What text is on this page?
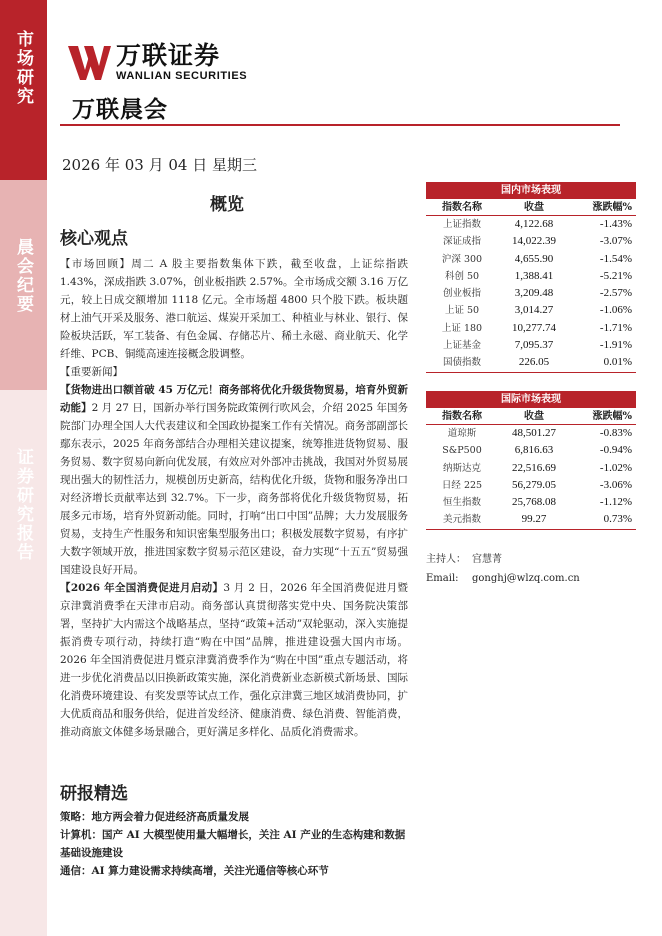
市场研究
晨会纪要
证券研究报告
万联证券
WANLIAN SECURITIES
万联晨会
2026 年 03 月 04 日 星期三
概览
核心观点

【市场回顾】周二 A 股主要指数集体下跌，截至收盘，上证综指跌 1.43%，深成指跌 3.07%，创业板指跌 2.57%。全市场成交额 3.16 万亿元，较上日成交额增加 1118 亿元。全市场超 4800 只个股下跌。板块题材上油气开采及服务、港口航运、煤炭开采加工、种植业与林业、银行、保险板块活跃，军工装备、有色金属、存储芯片、稀土永磁、商业航天、化学纤维、PCB、铜缆高速连接概念股调整。

【重要新闻】

【货物进出口额首破 45 万亿元！商务部将优化升级货物贸易，培育外贸新动能】2 月 27 日，国新办举行国务院政策例行吹风会，介绍 2025 年国务院部门办理全国人大代表建议和全国政协提案工作有关情况。商务部副部长鄢东表示，2025 年商务部结合办理相关建议提案，统筹推进货物贸易、服务贸易、数字贸易向新向优发展，有效应对外部冲击挑战，我国对外贸易展现出强大的韧性活力，规模创历史新高，结构优化升级，货物和服务净出口对经济增长贡献率达到 32.7%。下一步，商务部将优化升级货物贸易，拓展多元市场，培育外贸新动能。同时，打响“出口中国”品牌；大力发展服务贸易，支持生产性服务和知识密集型服务出口；积极发展数字贸易，有序扩大数字领域开放，推进国家数字贸易示范区建设，奋力实现“十五五”贸易强国建设良好开局。

【2026 年全国消费促进月启动】3 月 2 日，2026 年全国消费促进月暨京津冀消费季在天津市启动。商务部认真贯彻落实党中央、国务院决策部署，坚持扩大内需这个战略基点，坚持“政策+活动”双轮驱动，深入实施提振消费专项行动，持续打造“购在中国”品牌，推进建设强大国内市场。2026 年全国消费促进月暨京津冀消费季作为“购在中国”重点专题活动，将进一步优化消费品以旧换新政策实施，深化消费新业态新模式新场景、国际化消费环境建设、有奖发票等试点工作，强化京津冀三地区域消费协同，扩大优质商品和服务供给，促进首发经济、健康消费、绿色消费、智能消费，推动商旅文体健多场景融合，更好满足多样化、品质化消费需求。

研报精选
策略：地方两会着力促进经济高质量发展
计算机：国产 AI 大模型使用量大幅增长，关注 AI 产业的生态构建和数据基础设施建设
通信：AI 算力建设需求持续高增，关注光通信等核心环节
国内市场表现
指数名称	收盘	涨跌幅%
上证指数	4,122.68	-1.43%
深证成指	14,022.39	-3.07%
沪深 300	4,655.90	-1.54%
科创 50	1,388.41	-5.21%
创业板指	3,209.48	-2.57%
上证 50	3,014.27	-1.06%
上证 180	10,277.74	-1.71%
上证基金	7,095.37	-1.91%
国债指数	226.05	0.01%
国际市场表现
指数名称	收盘	涨跌幅%
道琼斯	48,501.27	-0.83%
S&P500	6,816.63	-0.94%
纳斯达克	22,516.69	-1.02%
日经 225	56,279.05	-3.06%
恒生指数	25,768.08	-1.12%
美元指数	99.27	0.73%
主持人： 宫慧菁
Email: gonghj@wlzq.com.cn
